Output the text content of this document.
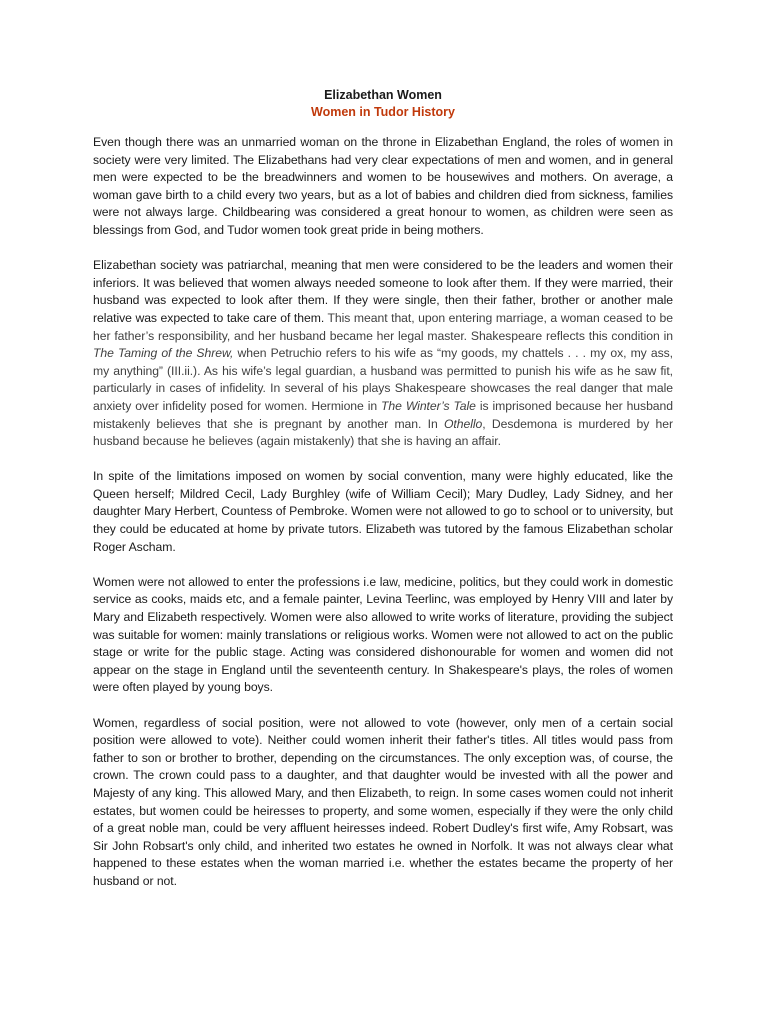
Elizabethan Women
Women in Tudor History

Even though there was an unmarried woman on the throne in Elizabethan England, the roles of women in society were very limited. The Elizabethans had very clear expectations of men and women, and in general men were expected to be the breadwinners and women to be housewives and mothers. On average, a woman gave birth to a child every two years, but as a lot of babies and children died from sickness, families were not always large. Childbearing was considered a great honour to women, as children were seen as blessings from God, and Tudor women took great pride in being mothers.

Elizabethan society was patriarchal, meaning that men were considered to be the leaders and women their inferiors. It was believed that women always needed someone to look after them. If they were married, their husband was expected to look after them. If they were single, then their father, brother or another male relative was expected to take care of them. This meant that, upon entering marriage, a woman ceased to be her father’s responsibility, and her husband became her legal master. Shakespeare reflects this condition in The Taming of the Shrew, when Petruchio refers to his wife as “my goods, my chattels . . . my ox, my ass, my anything” (III.ii.). As his wife’s legal guardian, a husband was permitted to punish his wife as he saw fit, particularly in cases of infidelity. In several of his plays Shakespeare showcases the real danger that male anxiety over infidelity posed for women. Hermione in The Winter’s Tale is imprisoned because her husband mistakenly believes that she is pregnant by another man. In Othello, Desdemona is murdered by her husband because he believes (again mistakenly) that she is having an affair.

In spite of the limitations imposed on women by social convention, many were highly educated, like the Queen herself; Mildred Cecil, Lady Burghley (wife of William Cecil); Mary Dudley, Lady Sidney, and her daughter Mary Herbert, Countess of Pembroke. Women were not allowed to go to school or to university, but they could be educated at home by private tutors. Elizabeth was tutored by the famous Elizabethan scholar Roger Ascham.

Women were not allowed to enter the professions i.e law, medicine, politics, but they could work in domestic service as cooks, maids etc, and a female painter, Levina Teerlinc, was employed by Henry VIII and later by Mary and Elizabeth respectively. Women were also allowed to write works of literature, providing the subject was suitable for women: mainly translations or religious works. Women were not allowed to act on the public stage or write for the public stage. Acting was considered dishonourable for women and women did not appear on the stage in England until the seventeenth century. In Shakespeare's plays, the roles of women were often played by young boys.

Women, regardless of social position, were not allowed to vote (however, only men of a certain social position were allowed to vote). Neither could women inherit their father's titles. All titles would pass from father to son or brother to brother, depending on the circumstances. The only exception was, of course, the crown. The crown could pass to a daughter, and that daughter would be invested with all the power and Majesty of any king. This allowed Mary, and then Elizabeth, to reign. In some cases women could not inherit estates, but women could be heiresses to property, and some women, especially if they were the only child of a great noble man, could be very affluent heiresses indeed. Robert Dudley's first wife, Amy Robsart, was Sir John Robsart's only child, and inherited two estates he owned in Norfolk. It was not always clear what happened to these estates when the woman married i.e. whether the estates became the property of her husband or not.
